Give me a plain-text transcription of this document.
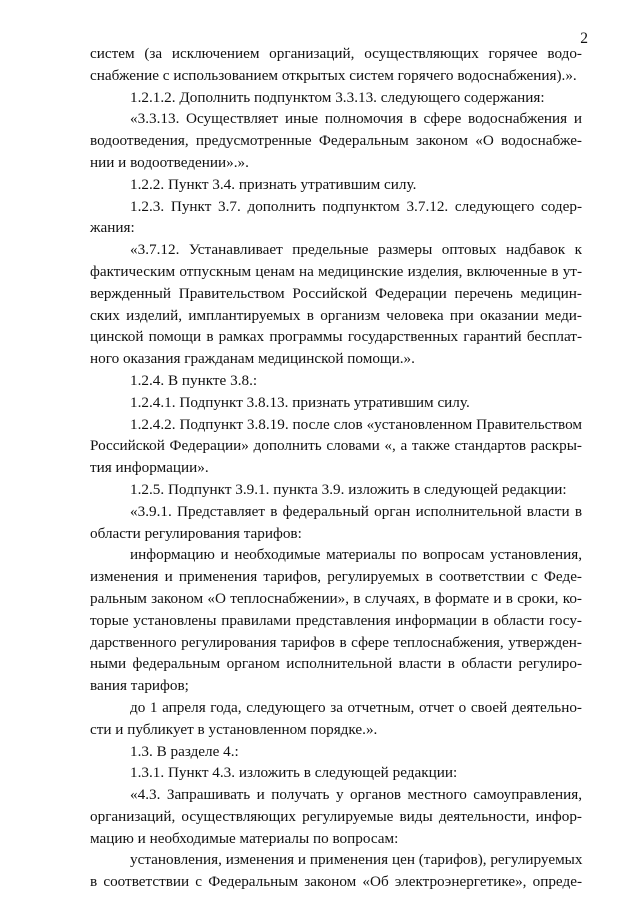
2
систем (за исключением организаций, осуществляющих горячее водо-
снабжение с использованием открытых систем горячего водоснабжения).».
1.2.1.2. Дополнить подпунктом 3.3.13. следующего содержания:
«3.3.13. Осуществляет иные полномочия в сфере водоснабжения и
водоотведения, предусмотренные Федеральным законом «О водоснабже-
нии и водоотведении».».
1.2.2. Пункт 3.4. признать утратившим силу.
1.2.3. Пункт 3.7. дополнить подпунктом 3.7.12. следующего содер-
жания:
«3.7.12. Устанавливает предельные размеры оптовых надбавок к
фактическим отпускным ценам на медицинские изделия, включенные в ут-
вержденный Правительством Российской Федерации перечень медицин-
ских изделий, имплантируемых в организм человека при оказании меди-
цинской помощи в рамках программы государственных гарантий бесплат-
ного оказания гражданам медицинской помощи.».
1.2.4. В пункте 3.8.:
1.2.4.1. Подпункт 3.8.13. признать утратившим силу.
1.2.4.2. Подпункт 3.8.19. после слов «установленном Правительством
Российской Федерации» дополнить словами «, а также стандартов раскры-
тия информации».
1.2.5. Подпункт 3.9.1. пункта 3.9. изложить в следующей редакции:
«3.9.1. Представляет в федеральный орган исполнительной власти в
области регулирования тарифов:
информацию и необходимые материалы по вопросам установления,
изменения и применения тарифов, регулируемых в соответствии с Феде-
ральным законом «О теплоснабжении», в случаях, в формате и в сроки, ко-
торые установлены правилами представления информации в области госу-
дарственного регулирования тарифов в сфере теплоснабжения, утвержден-
ными федеральным органом исполнительной власти в области регулиро-
вания тарифов;
до 1 апреля года, следующего за отчетным, отчет о своей деятельно-
сти и публикует в установленном порядке.».
1.3. В разделе 4.:
1.3.1. Пункт 4.3. изложить в следующей редакции:
«4.3. Запрашивать и получать у органов местного самоуправления,
организаций, осуществляющих регулируемые виды деятельности, инфор-
мацию и необходимые материалы по вопросам:
установления, изменения и применения цен (тарифов), регулируемых
в соответствии с Федеральным законом «Об электроэнергетике», опреде-
